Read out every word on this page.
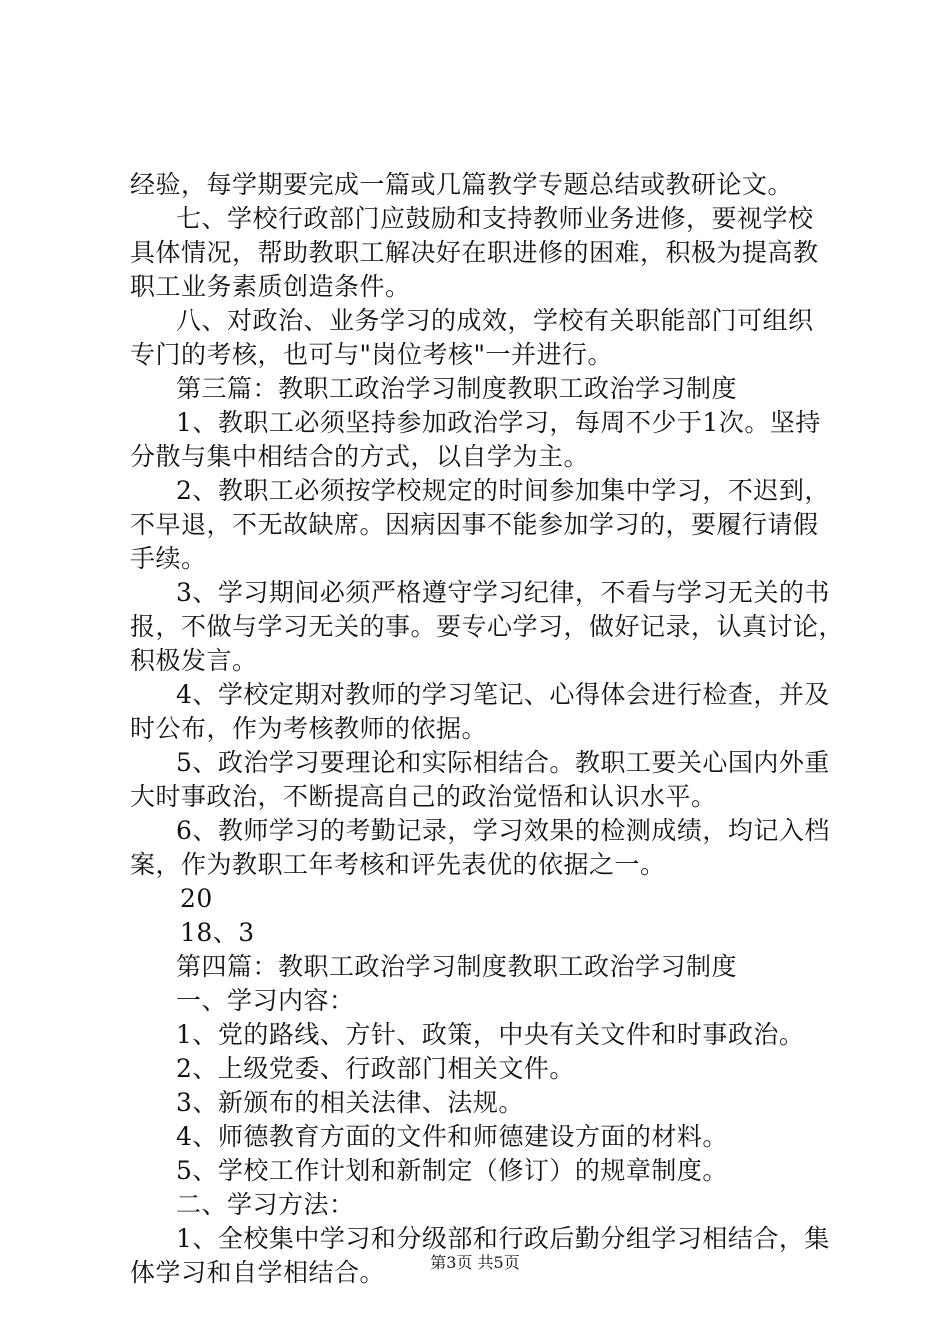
经验，每学期要完成一篇或几篇教学专题总结或教研论文。
七、学校行政部门应鼓励和支持教师业务进修，要视学校
具体情况，帮助教职工解决好在职进修的困难，积极为提高教
职工业务素质创造条件。
八、对政治、业务学习的成效，学校有关职能部门可组织
专门的考核，也可与"岗位考核"一并进行。
第三篇：教职工政治学习制度教职工政治学习制度
1、教职工必须坚持参加政治学习，每周不少于1次。坚持
分散与集中相结合的方式，以自学为主。
2、教职工必须按学校规定的时间参加集中学习，不迟到，
不早退，不无故缺席。因病因事不能参加学习的，要履行请假
手续。
3、学习期间必须严格遵守学习纪律，不看与学习无关的书
报，不做与学习无关的事。要专心学习，做好记录，认真讨论，
积极发言。
4、学校定期对教师的学习笔记、心得体会进行检查，并及
时公布，作为考核教师的依据。
5、政治学习要理论和实际相结合。教职工要关心国内外重
大时事政治，不断提高自己的政治觉悟和认识水平。
6、教师学习的考勤记录，学习效果的检测成绩，均记入档
案，作为教职工年考核和评先表优的依据之一。
20
18、3
第四篇：教职工政治学习制度教职工政治学习制度
一、学习内容：
1、党的路线、方针、政策，中央有关文件和时事政治。
2、上级党委、行政部门相关文件。
3、新颁布的相关法律、法规。
4、师德教育方面的文件和师德建设方面的材料。
5、学校工作计划和新制定（修订）的规章制度。
二、学习方法：
1、全校集中学习和分级部和行政后勤分组学习相结合，集
体学习和自学相结合。	第3页 共5页
